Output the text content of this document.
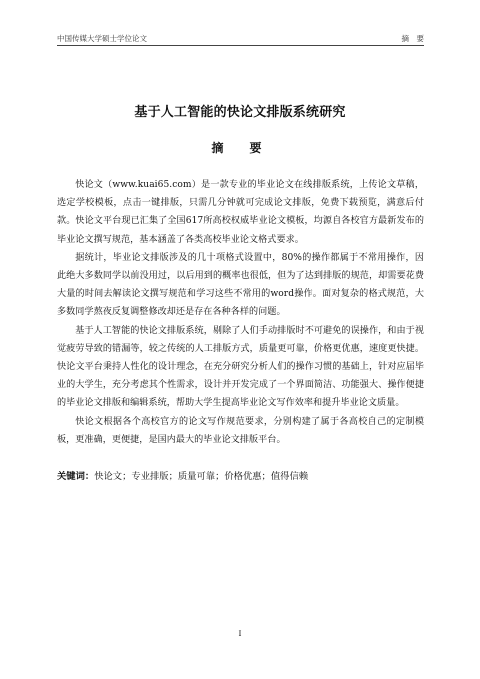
中国传媒大学硕士学位论文	摘　要
基于人工智能的快论文排版系统研究
摘　要

快论文（www.kuai65.com）是一款专业的毕业论文在线排版系统，上传论文草稿，选定学校模板，点击一键排版，只需几分钟就可完成论文排版，免费下载预览，满意后付款。快论文平台现已汇集了全国617所高校权威毕业论文模板，均源自各校官方最新发布的毕业论文撰写规范，基本涵盖了各类高校毕业论文格式要求。

据统计，毕业论文排版涉及的几十项格式设置中，80%的操作都属于不常用操作，因此绝大多数同学以前没用过，以后用到的概率也很低，但为了达到排版的规范，却需要花费大量的时间去解读论文撰写规范和学习这些不常用的word操作。面对复杂的格式规范，大多数同学熬夜反复调整修改却还是存在各种各样的问题。

基于人工智能的快论文排版系统，剔除了人们手动排版时不可避免的误操作，和由于视觉疲劳导致的错漏等，较之传统的人工排版方式，质量更可靠，价格更优惠，速度更快捷。快论文平台秉持人性化的设计理念，在充分研究分析人们的操作习惯的基础上，针对应届毕业的大学生，充分考虑其个性需求，设计并开发完成了一个界面简洁、功能强大、操作便捷的毕业论文排版和编辑系统，帮助大学生提高毕业论文写作效率和提升毕业论文质量。

快论文根据各个高校官方的论文写作规范要求，分别构建了属于各高校自己的定制模板，更准确，更便捷，是国内最大的毕业论文排版平台。

关键词：快论文；专业排版；质量可靠；价格优惠；值得信赖
I
